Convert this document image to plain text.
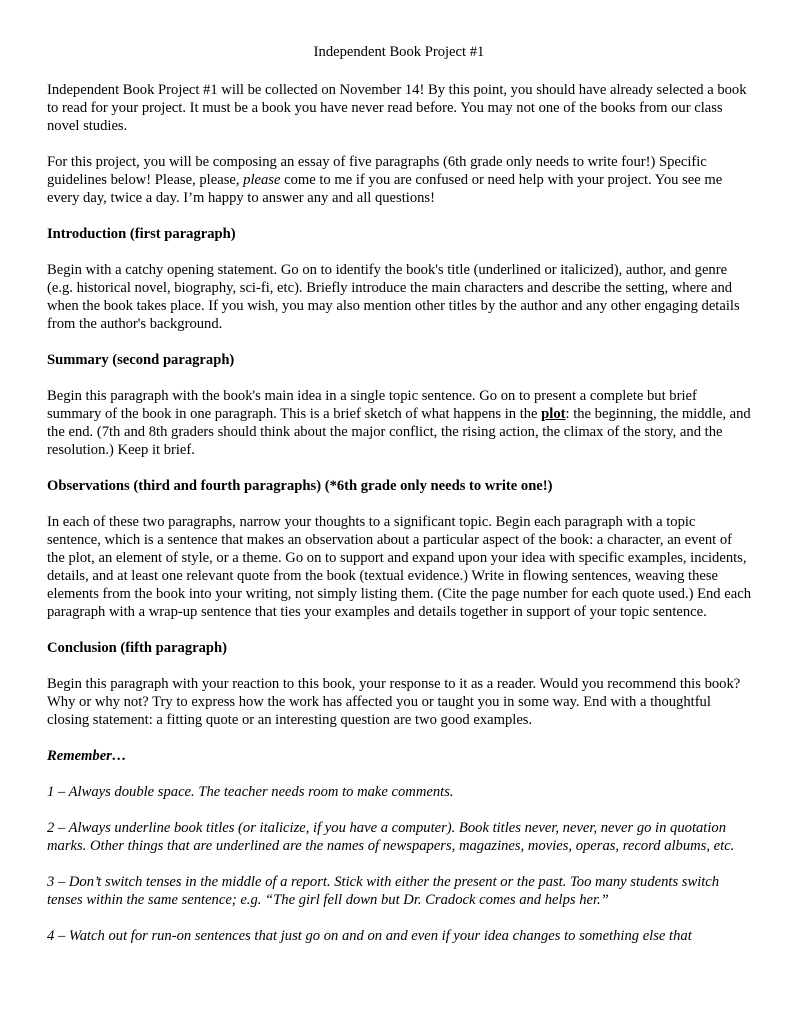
Independent Book Project #1

Independent Book Project #1 will be collected on November 14! By this point, you should have already selected a book to read for your project. It must be a book you have never read before. You may not one of the books from our class novel studies.

For this project, you will be composing an essay of five paragraphs (6th grade only needs to write four!) Specific guidelines below! Please, please, please come to me if you are confused or need help with your project. You see me every day, twice a day. I’m happy to answer any and all questions!

Introduction (first paragraph)

Begin with a catchy opening statement. Go on to identify the book's title (underlined or italicized), author, and genre (e.g. historical novel, biography, sci-fi, etc). Briefly introduce the main characters and describe the setting, where and when the book takes place. If you wish, you may also mention other titles by the author and any other engaging details from the author's background.

Summary (second paragraph)

Begin this paragraph with the book's main idea in a single topic sentence. Go on to present a complete but brief summary of the book in one paragraph. This is a brief sketch of what happens in the plot: the beginning, the middle, and the end. (7th and 8th graders should think about the major conflict, the rising action, the climax of the story, and the resolution.) Keep it brief.

Observations (third and fourth paragraphs) (*6th grade only needs to write one!)

In each of these two paragraphs, narrow your thoughts to a significant topic. Begin each paragraph with a topic sentence, which is a sentence that makes an observation about a particular aspect of the book: a character, an event of the plot, an element of style, or a theme. Go on to support and expand upon your idea with specific examples, incidents, details, and at least one relevant quote from the book (textual evidence.) Write in flowing sentences, weaving these elements from the book into your writing, not simply listing them. (Cite the page number for each quote used.) End each paragraph with a wrap-up sentence that ties your examples and details together in support of your topic sentence.

Conclusion (fifth paragraph)

Begin this paragraph with your reaction to this book, your response to it as a reader. Would you recommend this book? Why or why not? Try to express how the work has affected you or taught you in some way. End with a thoughtful closing statement: a fitting quote or an interesting question are two good examples.

Remember…
1 – Always double space. The teacher needs room to make comments.
2 – Always underline book titles (or italicize, if you have a computer). Book titles never, never, never go in quotation marks. Other things that are underlined are the names of newspapers, magazines, movies, operas, record albums, etc.
3 – Don’t switch tenses in the middle of a report. Stick with either the present or the past. Too many students switch tenses within the same sentence; e.g. “The girl fell down but Dr. Cradock comes and helps her.”
4 – Watch out for run-on sentences that just go on and on and even if your idea changes to something else that
